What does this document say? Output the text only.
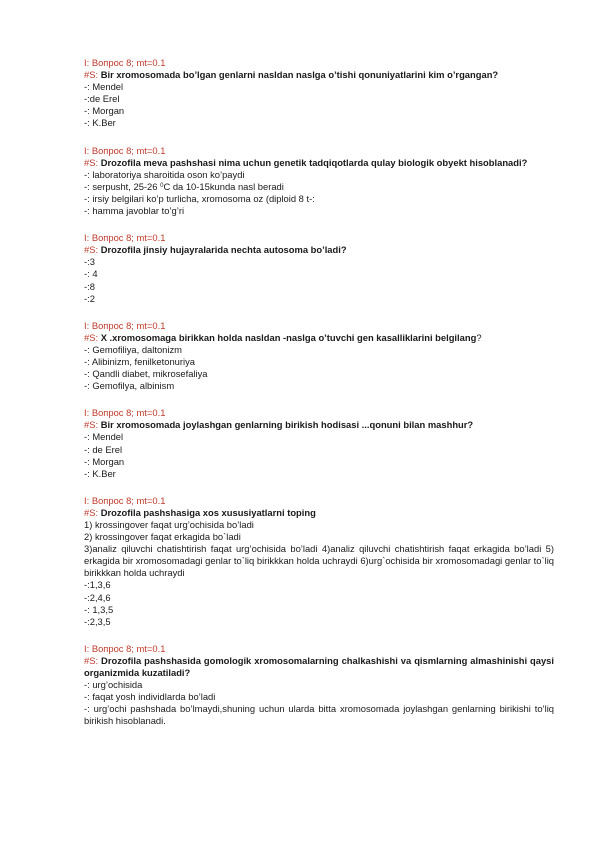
I: Вопрос 8; mt=0.1
#S: Bir xromosomada bo’lgan genlarni nasldan naslga o’tishi qonuniyatlarini kim o’rgangan?
-: Mendel
-:de Erel
-: Morgan
-: K.Ber
I: Вопрос 8; mt=0.1
#S: Drozofila meva pashshasi nima uchun genetik tadqiqotlarda qulay biologik obyekt hisoblanadi?
-: laboratoriya sharoitida oson ko’paydi
-: serpusht, 25-26 $^0$C da 10-15kunda nasl beradi
-: irsiy belgilari ko’p turlicha, xromosoma oz (diploid 8 t-:
-: hamma javoblar to’g’ri
I: Вопрос 8; mt=0.1
#S: Drozofila jinsiy hujayralarida nechta autosoma bo’ladi?
-:3
-: 4
-:8
-:2
I: Вопрос 8; mt=0.1
#S: X .xromosomaga birikkan holda nasldan -naslga o’tuvchi gen kasalliklarini belgilang?
-: Gemofiliya, daltonizm
-: Alibinizm, fenilketonuriya
-: Qandli diabet, mikrosefaliya
-: Gemofilya, albinism
I: Вопрос 8; mt=0.1
#S: Bir xromosomada joylashgan genlarning birikish hodisasi ...qonuni bilan mashhur?
-: Mendel
-: de Erel
-: Morgan
-: K.Ber
I: Вопрос 8; mt=0.1
#S: Drozofila pashshasiga xos xususiyatlarni toping
1) krossingover faqat urg’ochisida bo’ladi
2) krossingover faqat erkagida bo`ladi
3)analiz qiluvchi chatishtirish faqat urg’ochisida bo’ladi 4)analiz qiluvchi chatishtirish faqat erkagida bo’ladi 5) erkagida bir xromosomadagi genlar to`liq birikkkan holda uchraydi 6)urg`ochisida bir xromosomadagi genlar to`liq birikkkan holda uchraydi
-:1,3,6
-:2,4,6
-: 1,3,5
-:2,3,5
I: Вопрос 8; mt=0.1
#S: Drozofila pashshasida gomologik xromosomalarning chalkashishi va qismlarning almashinishi qaysi organizmida kuzatiladi?
-: urg’ochisida
-: faqat yosh individlarda bo’ladi
-: urg’ochi pashshada bo’lmaydi,shuning uchun ularda bitta xromosomada joylashgan genlarning birikishi to’liq birikish hisoblanadi.
